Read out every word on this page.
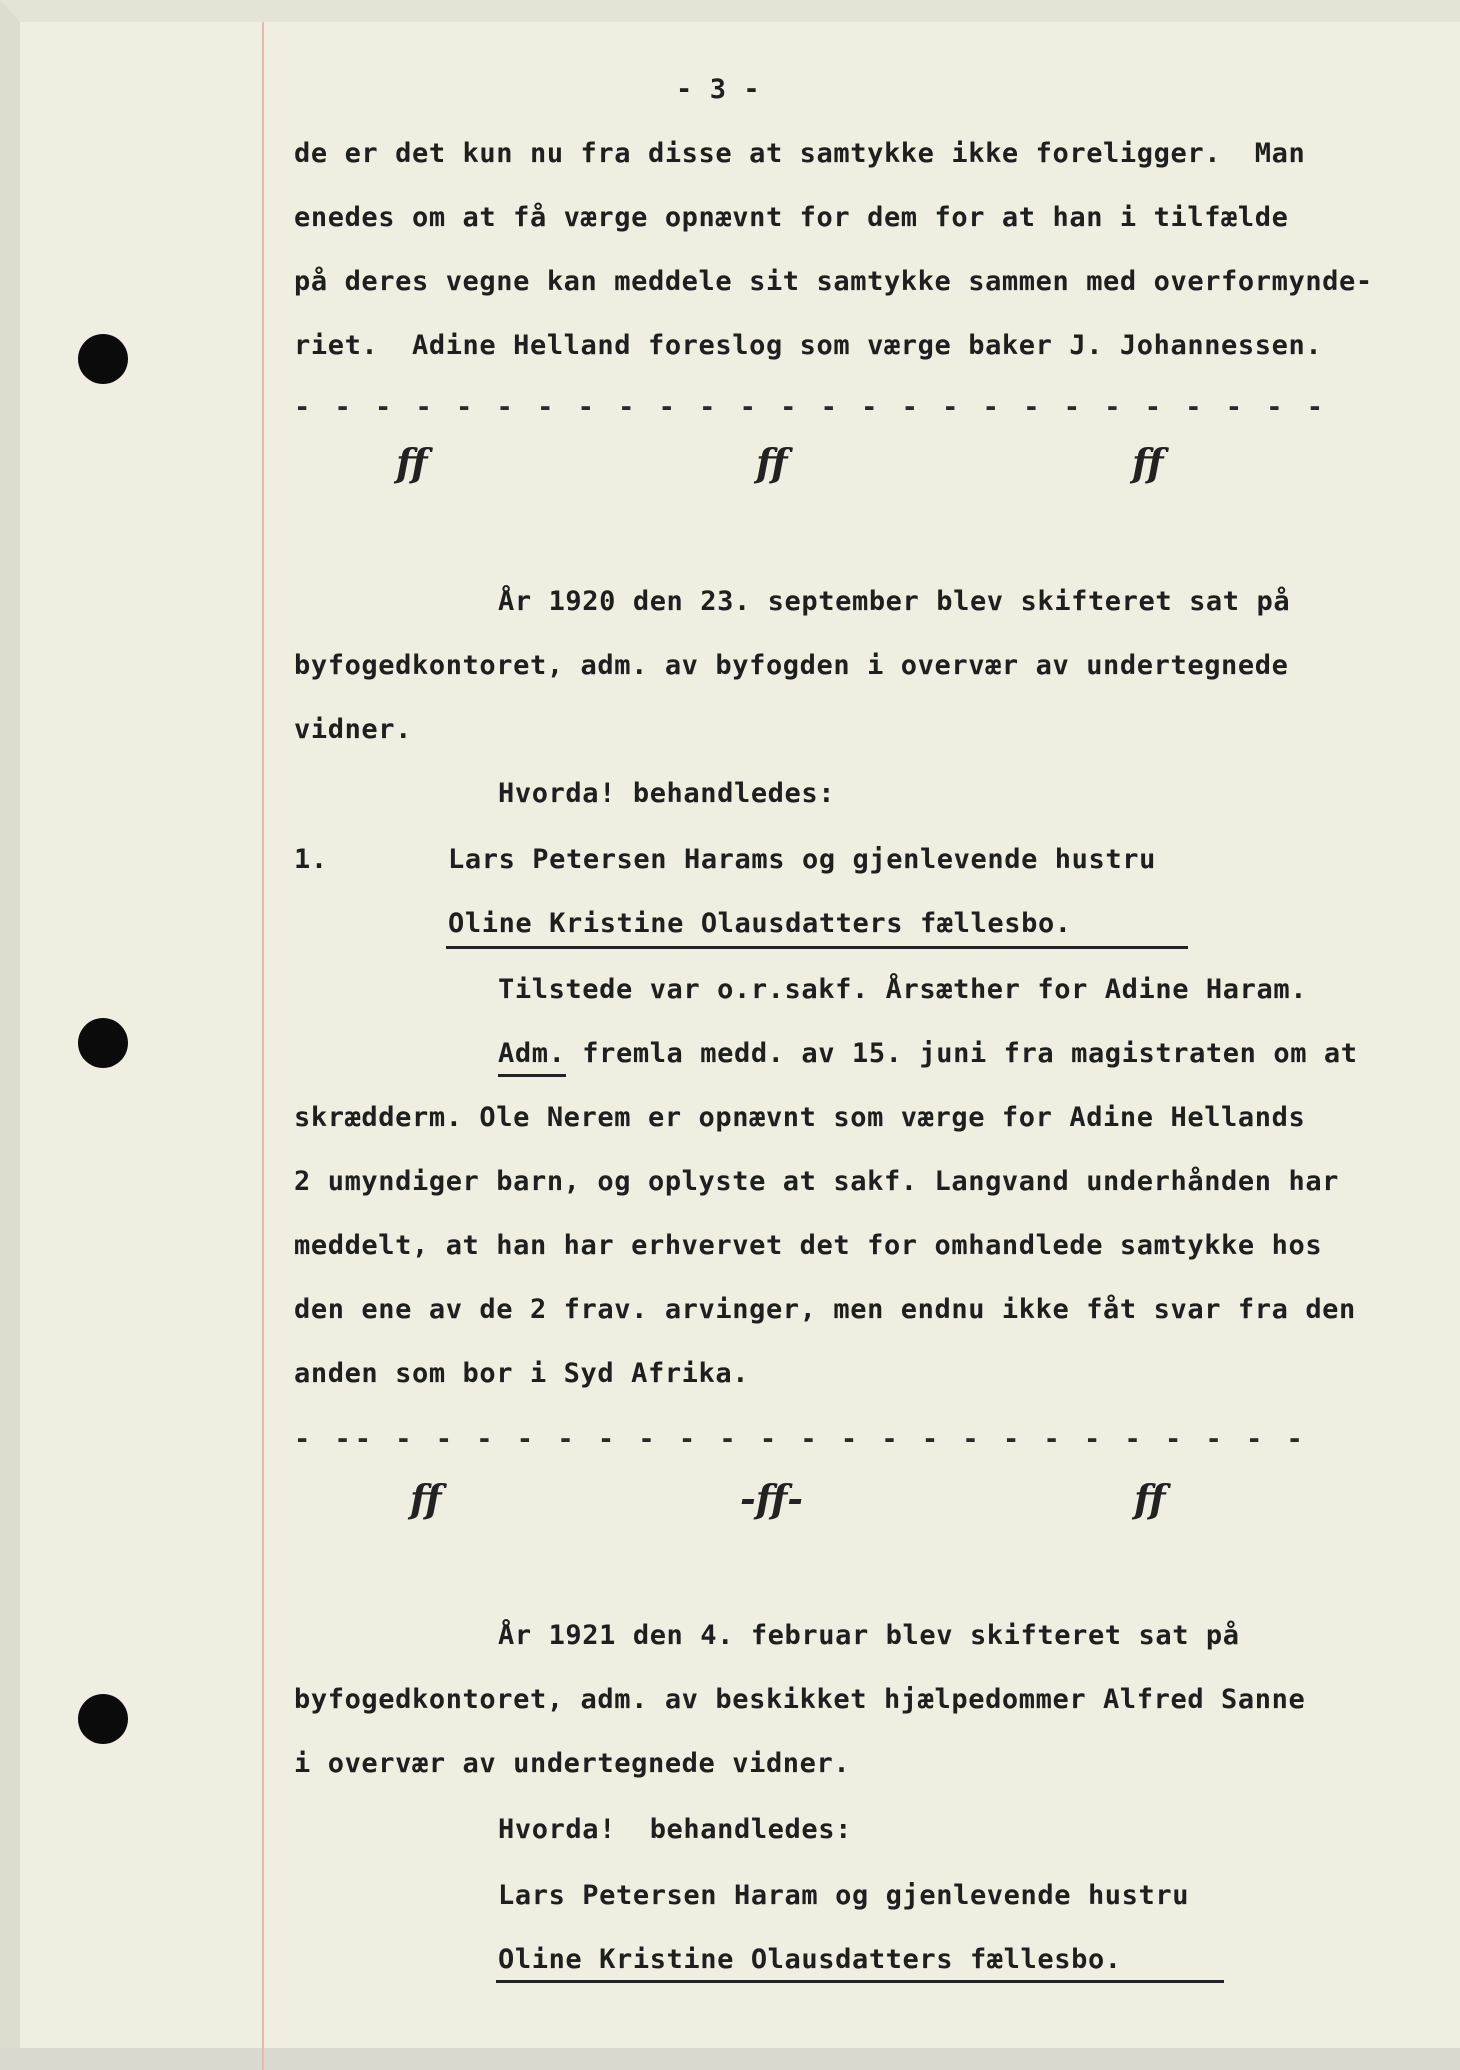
- 3 -
de er det kun nu fra disse at samtykke ikke foreligger.  Man
enedes om at få værge opnævnt for dem for at han i tilfælde
på deres vegne kan meddele sit samtykke sammen med overformynde-
riet.  Adine Helland foreslog som værge baker J. Johannessen.
- - - - - - - - - - - - - - - - - - - - - - - - - -
ff	ff	ff
År 1920 den 23. september blev skifteret sat på
byfogedkontoret, adm. av byfogden i overvær av undertegnede
vidner.
Hvorda! behandledes:
1.	Lars Petersen Harams og gjenlevende hustru
Oline Kristine Olausdatters fællesbo.
Tilstede var o.r.sakf. Årsæther for Adine Haram.
Adm. fremla medd. av 15. juni fra magistraten om at
skrædderm. Ole Nerem er opnævnt som værge for Adine Hellands
2 umyndiger barn, og oplyste at sakf. Langvand underhånden har
meddelt, at han har erhvervet det for omhandlede samtykke hos
den ene av de 2 frav. arvinger, men endnu ikke fåt svar fra den
anden som bor i Syd Afrika.
- -- - - - - - - - - - - - - - - - - - - - - - - -
ff	-ff-	ff
År 1921 den 4. februar blev skifteret sat på
byfogedkontoret, adm. av beskikket hjælpedommer Alfred Sanne
i overvær av undertegnede vidner.
Hvorda!  behandledes:
Lars Petersen Haram og gjenlevende hustru
Oline Kristine Olausdatters fællesbo.
